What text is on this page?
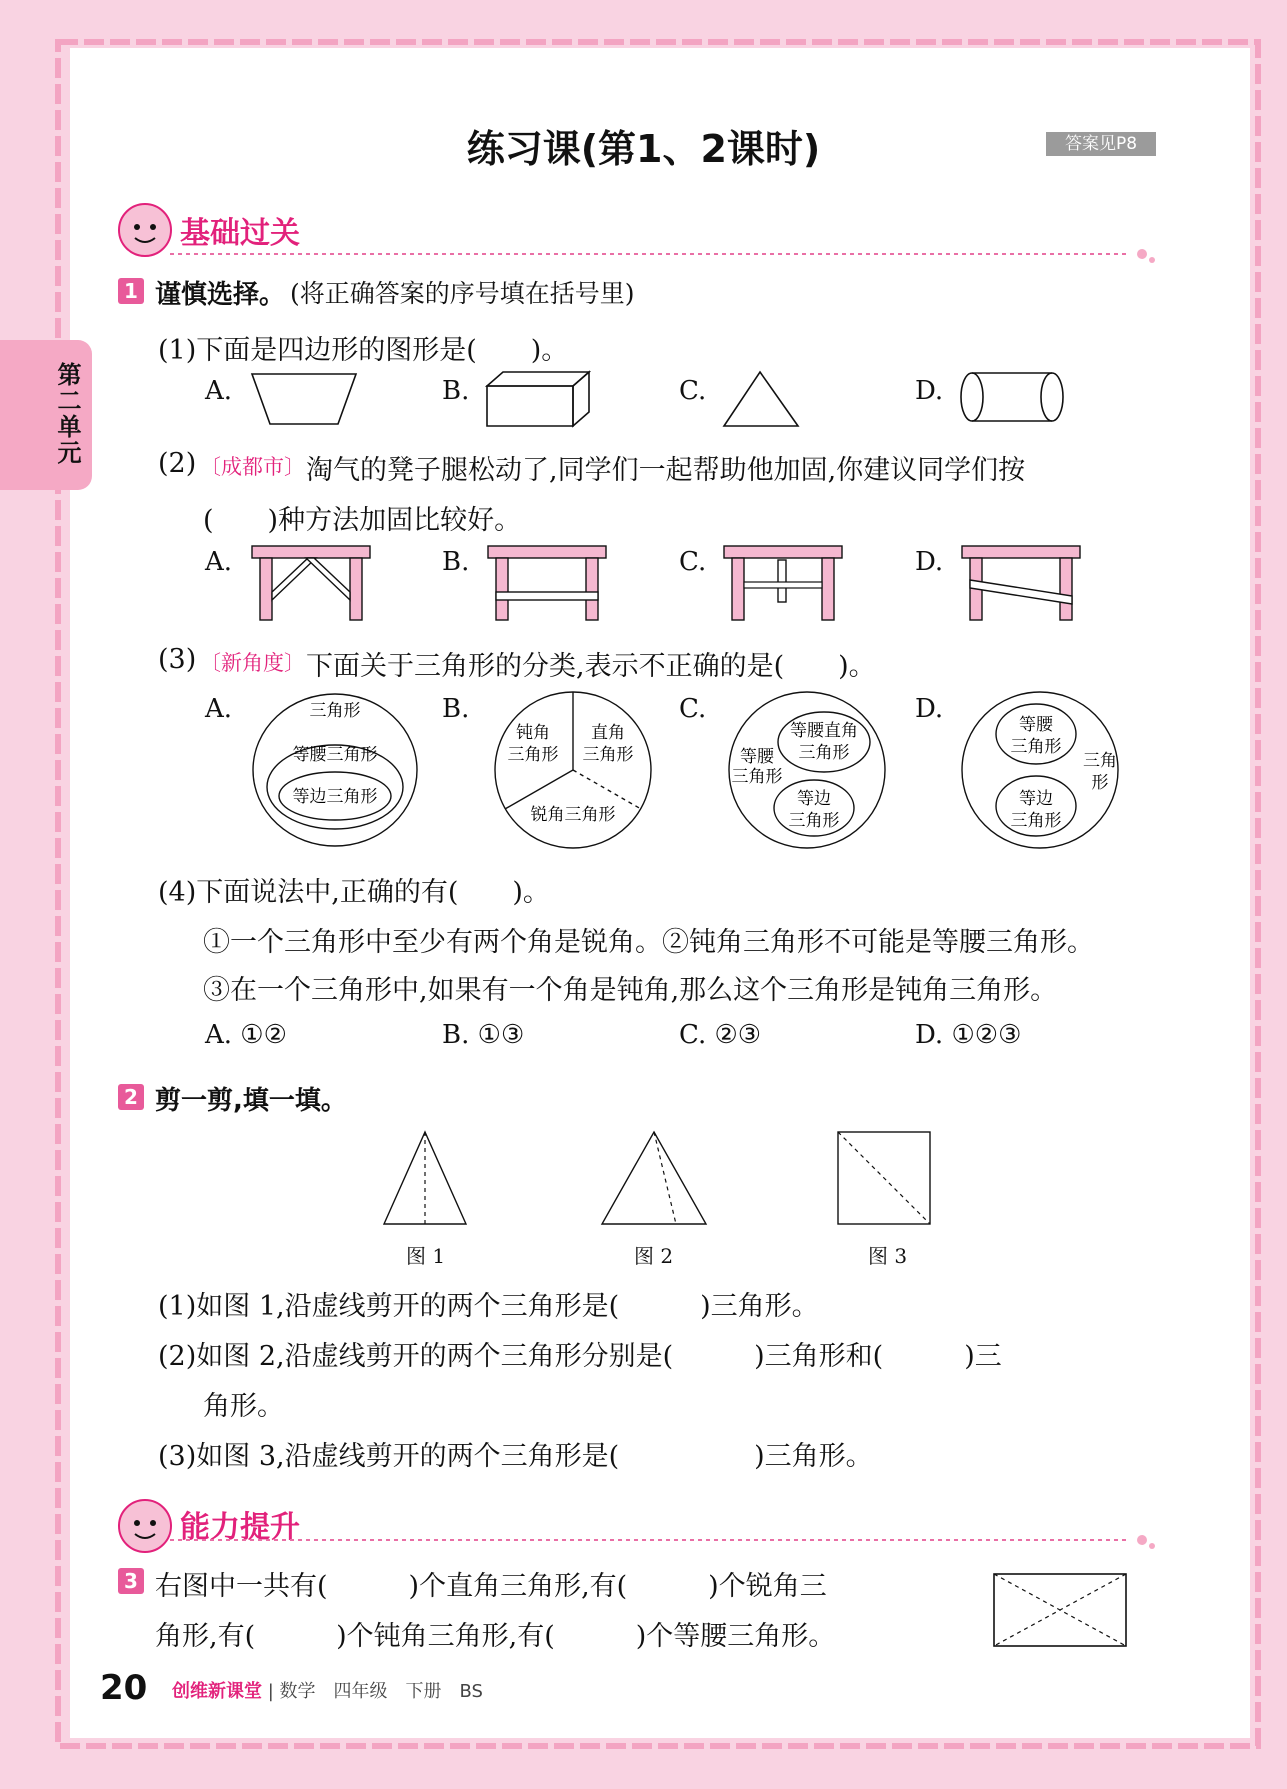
练习课(第1、2课时)	答案见P8
第二单元
基础过关
1 谨慎选择。 (将正确答案的序号填在括号里)
(1)下面是四边形的图形是(　　)。
A.	B.	C.	D.
(2) 〔成都市〕 淘气的凳子腿松动了,同学们一起帮助他加固,你建议同学们按
(　　)种方法加固比较好。
A.	B.	C.	D.
(3) 〔新角度〕 下面关于三角形的分类,表示不正确的是(　　)。
A.	B.	C.	D.
三角形
等腰三角形
等边三角形
钝角
三角形
直角
三角形
锐角三角形
等腰直角
三角形
等腰
三角形
等边
三角形
等腰
三角形
三角
形
等边
三角形
(4)下面说法中,正确的有(　　)。
①一个三角形中至少有两个角是锐角。②钝角三角形不可能是等腰三角形。
③在一个三角形中,如果有一个角是钝角,那么这个三角形是钝角三角形。
A. ①②	B. ①③	C. ②③	D. ①②③
2 剪一剪,填一填。
图 1	图 2	图 3
(1)如图 1,沿虚线剪开的两个三角形是(　　　)三角形。
(2)如图 2,沿虚线剪开的两个三角形分别是(　　　)三角形和(　　　)三
角形。
(3)如图 3,沿虚线剪开的两个三角形是(　　　　　)三角形。
能力提升
3 右图中一共有(　　　)个直角三角形,有(　　　)个锐角三
角形,有(　　　)个钝角三角形,有(　　　)个等腰三角形。
20 创维新课堂 | 数学　四年级　下册　BS
